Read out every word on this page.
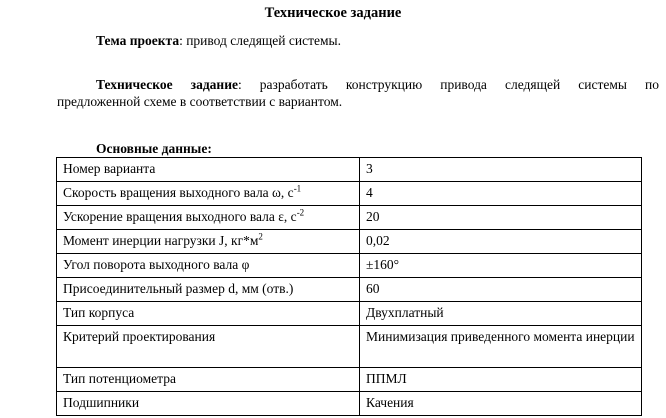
Техническое задание
Тема проекта: привод следящей системы.
Техническое задание: разработать конструкцию привода следящей системы по
предложенной схеме в соответствии с вариантом.
Основные данные:
Номер варианта	3
Скорость вращения выходного вала ω, $с^{-1}$	4
Ускорение вращения выходного вала ε, $с^{-2}$	20
Момент инерции нагрузки J, $кг*м^2$	0,02
Угол поворота выходного вала φ	±160°
Присоединительный размер d, мм (отв.)	60
Тип корпуса	Двухплатный
Критерий проектирования	Минимизация приведенного момента инерции
Тип потенциометра	ППМЛ
Подшипники	Качения
